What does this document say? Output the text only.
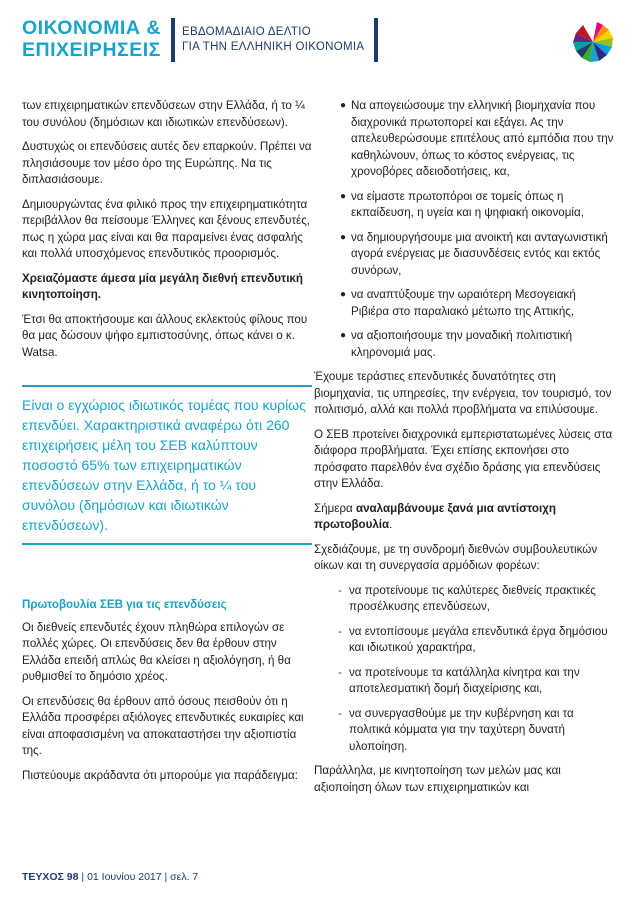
ΟΙΚΟΝΟΜΙΑ &
ΕΠΙΧΕΙΡΗΣΕΙΣ
ΕΒΔΟΜΑΔΙΑΙΟ ΔΕΛΤΙΟ
ΓΙΑ ΤΗΝ ΕΛΛΗΝΙΚΗ ΟΙΚΟΝΟΜΙΑ

των επιχειρηματικών επενδύσεων στην Ελλάδα, ή το ¼ του συνόλου (δημόσιων και ιδιωτικών επενδύσεων).

Δυστυχώς οι επενδύσεις αυτές δεν επαρκούν. Πρέπει να πλησιάσουμε τον μέσο όρο της Ευρώπης. Να τις διπλασιάσουμε.

Δημιουργώντας ένα φιλικό προς την επιχειρηματικότητα περιβάλλον θα πείσουμε Έλληνες και ξένους επενδυτές, πως η χώρα μας είναι και θα παραμείνει ένας ασφαλής και πολλά υποσχόμενος επενδυτικός προορισμός.

Χρειαζόμαστε άμεσα μία μεγάλη διεθνή επενδυτική κινητοποίηση.

Έτσι θα αποκτήσουμε και άλλους εκλεκτούς φίλους που θα μας δώσουν ψήφο εμπιστοσύνης, όπως κάνει ο κ. Watsa.

Είναι ο εγχώριος ιδιωτικός τομέας που κυρίως επενδύει. Χαρακτηριστικά αναφέρω ότι 260 επιχειρήσεις μέλη του ΣΕΒ καλύπτουν ποσοστό 65% των επιχειρηματικών επενδύσεων στην Ελλάδα, ή το ¼ του συνόλου (δημόσιων και ιδιωτικών επενδύσεων).
Πρωτοβουλία ΣΕΒ για τις επενδύσεις

Οι διεθνείς επενδυτές έχουν πληθώρα επιλογών σε πολλές χώρες. Οι επενδύσεις δεν θα έρθουν στην Ελλάδα επειδή απλώς θα κλείσει η αξιολόγηση, ή θα ρυθμισθεί το δημόσιο χρέος.

Οι επενδύσεις θα έρθουν από όσους πεισθούν ότι η Ελλάδα προσφέρει αξιόλογες επενδυτικές ευκαιρίες και είναι αποφασισμένη να αποκαταστήσει την αξιοπιστία της.

Πιστεύουμε ακράδαντα ότι μπορούμε για παράδειγμα:

● Να απογειώσουμε την ελληνική βιομηχανία που διαχρονικά πρωτοπορεί και εξάγει. Ας την απελευθερώσουμε επιτέλους από εμπόδια που την καθηλώνουν, όπως το κόστος ενέργειας, τις χρονοβόρες αδειοδοτήσεις, κα,
● να είμαστε πρωτοπόροι σε τομείς όπως η εκπαίδευση, η υγεία και η ψηφιακή οικονομία,
● να δημιουργήσουμε μια ανοικτή και ανταγωνιστική αγορά ενέργειας με διασυνδέσεις εντός και εκτός συνόρων,
● να αναπτύξουμε την ωραιότερη Μεσογειακή Ριβιέρα στο παραλιακό μέτωπο της Αττικής,
● να αξιοποιήσουμε την μοναδική πολιτιστική κληρονομιά μας.

Έχουμε τεράστιες επενδυτικές δυνατότητες στη βιομηχανία, τις υπηρεσίες, την ενέργεια, τον τουρισμό, τον πολιτισμό, αλλά και πολλά προβλήματα να επιλύσουμε.

Ο ΣΕΒ προτείνει διαχρονικά εμπεριστατωμένες λύσεις στα διάφορα προβλήματα. Έχει επίσης εκπονήσει στο πρόσφατο παρελθόν ένα σχέδιο δράσης για επενδύσεις στην Ελλάδα.

Σήμερα αναλαμβάνουμε ξανά μια αντίστοιχη πρωτοβουλία.

Σχεδιάζουμε, με τη συνδρομή διεθνών συμβουλευτικών οίκων και τη συνεργασία αρμόδιων φορέων:

- να προτείνουμε τις καλύτερες διεθνείς πρακτικές προσέλκυσης επενδύσεων,
- να εντοπίσουμε μεγάλα επενδυτικά έργα δημόσιου και ιδιωτικού χαρακτήρα,
- να προτείνουμε τα κατάλληλα κίνητρα και την αποτελεσματική δομή διαχείρισης και,
- να συνεργασθούμε με την κυβέρνηση και τα πολιτικά κόμματα για την ταχύτερη δυνατή υλοποίηση.

Παράλληλα, με κινητοποίηση των μελών μας και αξιοποίηση όλων των επιχειρηματικών και

ΤΕΥΧΟΣ 98 | 01 Ιουνίου 2017 | σελ. 7
